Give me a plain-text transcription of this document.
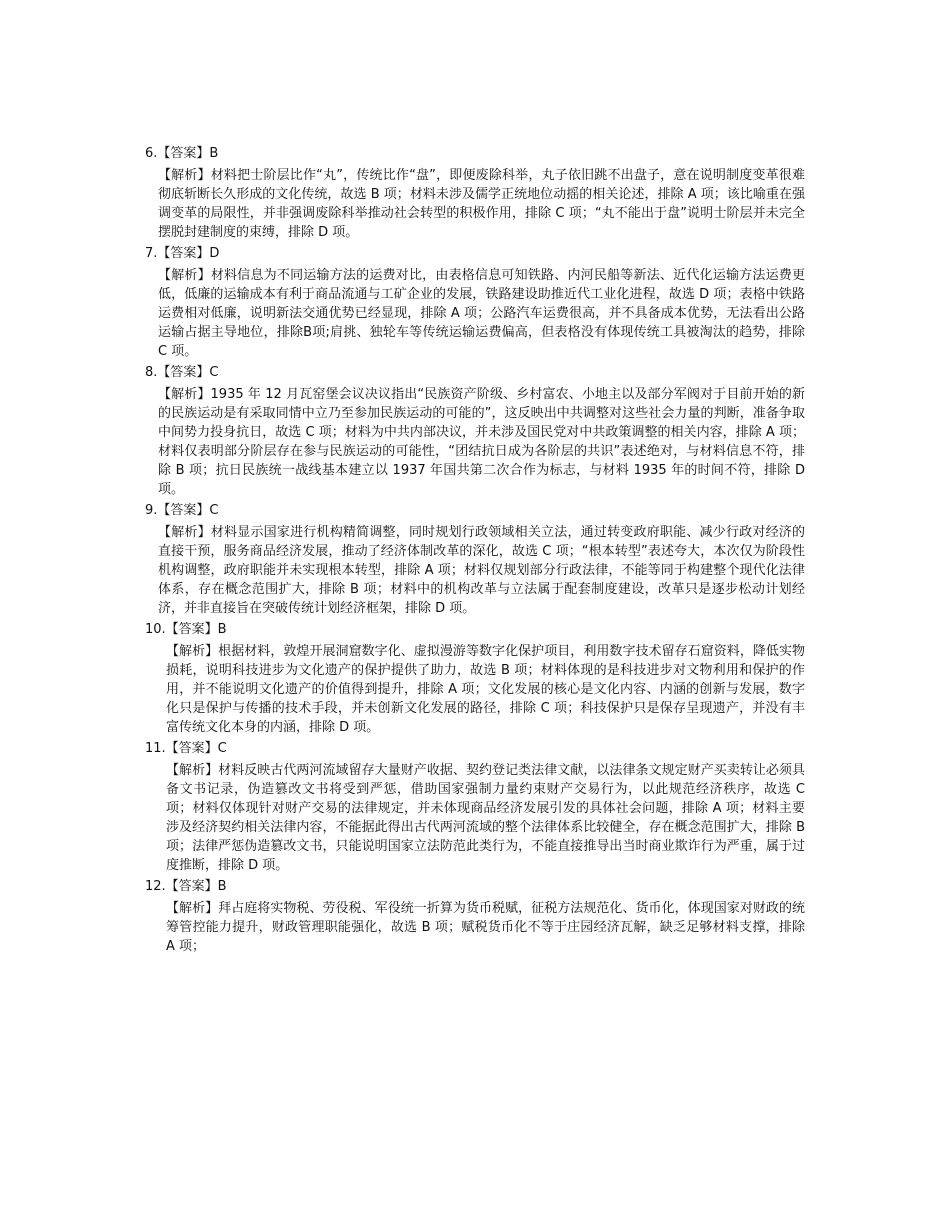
6.【答案】B
【解析】材料把士阶层比作“丸”，传统比作“盘”，即便废除科举，丸子依旧跳不出盘子，意在说明制度变革很难彻底斩断长久形成的文化传统，故选 B 项；材料未涉及儒学正统地位动摇的相关论述，排除 A 项；该比喻重在强调变革的局限性，并非强调废除科举推动社会转型的积极作用，排除 C 项；“丸不能出于盘”说明士阶层并未完全摆脱封建制度的束缚，排除 D 项。
7.【答案】D
【解析】材料信息为不同运输方法的运费对比，由表格信息可知铁路、内河民船等新法、近代化运输方法运费更低，低廉的运输成本有利于商品流通与工矿企业的发展，铁路建设助推近代工业化进程，故选 D 项；表格中铁路运费相对低廉，说明新法交通优势已经显现，排除 A 项；公路汽车运费很高，并不具备成本优势，无法看出公路运输占据主导地位，排除B项;肩挑、独轮车等传统运输运费偏高，但表格没有体现传统工具被淘汰的趋势，排除 C 项。
8.【答案】C
【解析】1935 年 12 月瓦窑堡会议决议指出“民族资产阶级、乡村富农、小地主以及部分军阀对于目前开始的新的民族运动是有采取同情中立乃至参加民族运动的可能的”，这反映出中共调整对这些社会力量的判断，准备争取中间势力投身抗日，故选 C 项；材料为中共内部决议，并未涉及国民党对中共政策调整的相关内容，排除 A 项；材料仅表明部分阶层存在参与民族运动的可能性，“团结抗日成为各阶层的共识”表述绝对，与材料信息不符，排除 B 项；抗日民族统一战线基本建立以 1937 年国共第二次合作为标志，与材料 1935 年的时间不符，排除 D 项。
9.【答案】C
【解析】材料显示国家进行机构精简调整，同时规划行政领域相关立法，通过转变政府职能、减少行政对经济的直接干预，服务商品经济发展，推动了经济体制改革的深化，故选 C 项；“根本转型”表述夸大，本次仅为阶段性机构调整，政府职能并未实现根本转型，排除 A 项；材料仅规划部分行政法律，不能等同于构建整个现代化法律体系，存在概念范围扩大，排除 B 项；材料中的机构改革与立法属于配套制度建设，改革只是逐步松动计划经济，并非直接旨在突破传统计划经济框架，排除 D 项。
10.【答案】B
【解析】根据材料，敦煌开展洞窟数字化、虚拟漫游等数字化保护项目，利用数字技术留存石窟资料，降低实物损耗，说明科技进步为文化遗产的保护提供了助力，故选 B 项；材料体现的是科技进步对文物利用和保护的作用，并不能说明文化遗产的价值得到提升，排除 A 项；文化发展的核心是文化内容、内涵的创新与发展，数字化只是保护与传播的技术手段，并未创新文化发展的路径，排除 C 项；科技保护只是保存呈现遗产，并没有丰富传统文化本身的内涵，排除 D 项。
11.【答案】C
【解析】材料反映古代两河流域留存大量财产收据、契约登记类法律文献，以法律条文规定财产买卖转让必须具备文书记录，伪造篡改文书将受到严惩，借助国家强制力量约束财产交易行为，以此规范经济秩序，故选 C 项；材料仅体现针对财产交易的法律规定，并未体现商品经济发展引发的具体社会问题，排除 A 项；材料主要涉及经济契约相关法律内容，不能据此得出古代两河流域的整个法律体系比较健全，存在概念范围扩大，排除 B 项；法律严惩伪造篡改文书，只能说明国家立法防范此类行为，不能直接推导出当时商业欺诈行为严重，属于过度推断，排除 D 项。
12.【答案】B
【解析】拜占庭将实物税、劳役税、军役统一折算为货币税赋，征税方法规范化、货币化，体现国家对财政的统筹管控能力提升，财政管理职能强化，故选 B 项；赋税货币化不等于庄园经济瓦解，缺乏足够材料支撑，排除 A 项；
